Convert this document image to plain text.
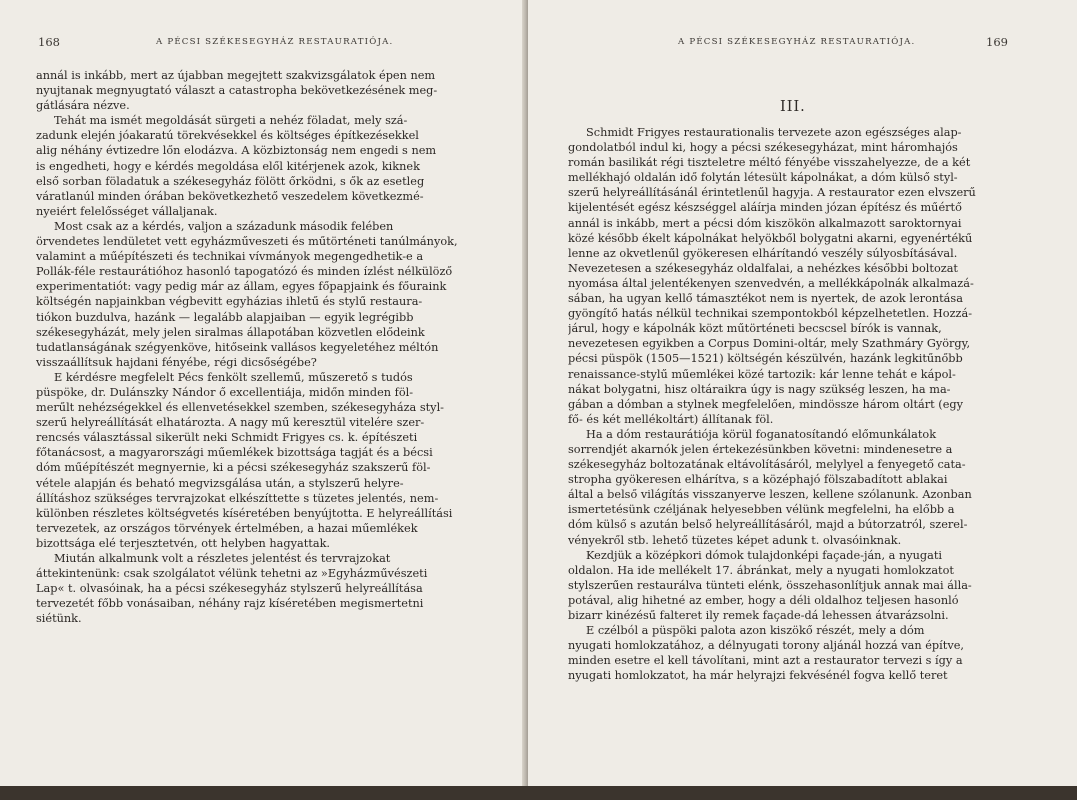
168	A PÉCSI SZÉKESEGYHÁZ RESTAURATIÓJA.
annál is inkább, mert az újabban megejtett szakvizsgálatok épen nem
nyujtanak megnyugtató választ a catastropha bekövetkezésének meg-
gátlására nézve.
Tehát ma ismét megoldását sürgeti a nehéz föladat, mely szá-
zadunk elején jóakaratú törekvésekkel és költséges építkezésekkel
alig néhány évtizedre lőn elodázva. A közbiztonság nem engedi s nem
is engedheti, hogy e kérdés megoldása elől kitérjenek azok, kiknek
első sorban föladatuk a székesegyház fölött őrködni, s ők az esetleg
váratlanúl minden órában bekövetkezhető veszedelem következmé-
nyeiért felelősséget vállaljanak.
Most csak az a kérdés, valjon a századunk második felében
örvendetes lendületet vett egyházműveszeti és műtörténeti tanúlmányok,
valamint a műépítészeti és technikai vívmányok megengedhetik-e a
Pollák-féle restaurátióhoz hasonló tapogatózó és minden ízlést nélkülöző
experimentatiót: vagy pedig már az állam, egyes főpapjaink és főuraink
költségén napjainkban végbevitt egyházias ihletű és stylű restaura-
tiókon buzdulva, hazánk — legalább alapjaiban — egyik legrégibb
székesegyházát, mely jelen siralmas állapotában közvetlen elődeink
tudatlanságának szégyenköve, hitőseink vallásos kegyeletéhez méltón
visszaállítsuk hajdani fényébe, régi dicsőségébe?
E kérdésre megfelelt Pécs fenkölt szellemű, műszerető s tudós
püspöke, dr. Dulánszky Nándor ő excellentiája, midőn minden föl-
merűlt nehézségekkel és ellenvetésekkel szemben, székesegyháza styl-
szerű helyreállítását elhatározta. A nagy mű keresztül vitelére szer-
rencsés választással sikerült neki Schmidt Frigyes cs. k. építészeti
főtanácsost, a magyarországi műemlékek bizottsága tagját és a bécsi
dóm műépítészét megnyernie, ki a pécsi székesegyház szakszerű föl-
vétele alapján és beható megvizsgálása után, a stylszerű helyre-
állításhoz szükséges tervrajzokat elkészíttette s tüzetes jelentés, nem-
különben részletes költségvetés kíséretében benyújtotta. E helyreállítási
tervezetek, az országos törvények értelmében, a hazai műemlékek
bizottsága elé terjesztetvén, ott helyben hagyattak.
Miután alkalmunk volt a részletes jelentést és tervrajzokat
áttekintenünk: csak szolgálatot vélünk tehetni az »Egyházművészeti
Lap« t. olvasóinak, ha a pécsi székesegyház stylszerű helyreállítása
tervezetét főbb vonásaiban, néhány rajz kíséretében megismertetni
siétünk.
A PÉCSI SZÉKESEGYHÁZ RESTAURATIÓJA.	169
III.
Schmidt Frigyes restaurationalis tervezete azon egészséges alap-
gondolatból indul ki, hogy a pécsi székesegyházat, mint háromhajós
román basilikát régi tiszteletre méltó fényébe visszahelyezze, de a két
mellékhajó oldalán idő folytán létesült kápolnákat, a dóm külső styl-
szerű helyreállításánál érintetlenűl hagyja. A restaurator ezen elvszerű
kijelentését egész készséggel aláírja minden józan építész és műértő
annál is inkább, mert a pécsi dóm kiszökön alkalmazott saroktornyai
közé később ékelt kápolnákat helyökből bolygatni akarni, egyenértékű
lenne az okvetlenűl gyökeresen elhárítandó veszély súlyosbításával.
Nevezetesen a székesegyház oldalfalai, a nehézkes későbbi boltozat
nyomása által jelentékenyen szenvedvén, a mellékkápolnák alkalmazá-
sában, ha ugyan kellő támasztékot nem is nyertek, de azok lerontása
gyöngítő hatás nélkül technikai szempontokból képzelhetetlen. Hozzá-
járul, hogy e kápolnák közt műtörténeti becscsel bírók is vannak,
nevezetesen egyikben a Corpus Domini-oltár, mely Szathmáry György,
pécsi püspök (1505—1521) költségén készülvén, hazánk legkitűnőbb
renaissance-stylű műemlékei közé tartozik: kár lenne tehát e kápol-
nákat bolygatni, hisz oltáraikra úgy is nagy szükség leszen, ha ma-
gában a dómban a stylnek megfelelően, mindössze három oltárt (egy
fő- és két mellékoltárt) állítanak föl.
Ha a dóm restaurátiója körül foganatosítandó előmunkálatok
sorrendjét akarnók jelen értekezésünkben követni: mindenesetre a
székesegyház boltozatának eltávolításáról, melylyel a fenyegető cata-
stropha gyökeresen elhárítva, s a középhajó fölszabadított ablakai
által a belső világítás visszanyerve leszen, kellene szólanunk. Azonban
ismertetésünk czéljának helyesebben vélünk megfelelni, ha előbb a
dóm külső s azután belső helyreállításáról, majd a bútorzatról, szerel-
vényekről stb. lehető tüzetes képet adunk t. olvasóinknak.
Kezdjük a középkori dómok tulajdonképi façade-ján, a nyugati
oldalon. Ha ide mellékelt 17. ábránkat, mely a nyugati homlokzatot
stylszerűen restaurálva tünteti elénk, összehasonlítjuk annak mai álla-
potával, alig hihetné az ember, hogy a déli oldalhoz teljesen hasonló
bizarr kinézésű falteret ily remek façade-dá lehessen átvarázsolni.
E czélból a püspöki palota azon kiszökő részét, mely a dóm
nyugati homlokzatához, a délnyugati torony aljánál hozzá van építve,
minden esetre el kell távolítani, mint azt a restaurator tervezi s így a
nyugati homlokzatot, ha már helyrajzi fekvésénél fogva kellő teret
